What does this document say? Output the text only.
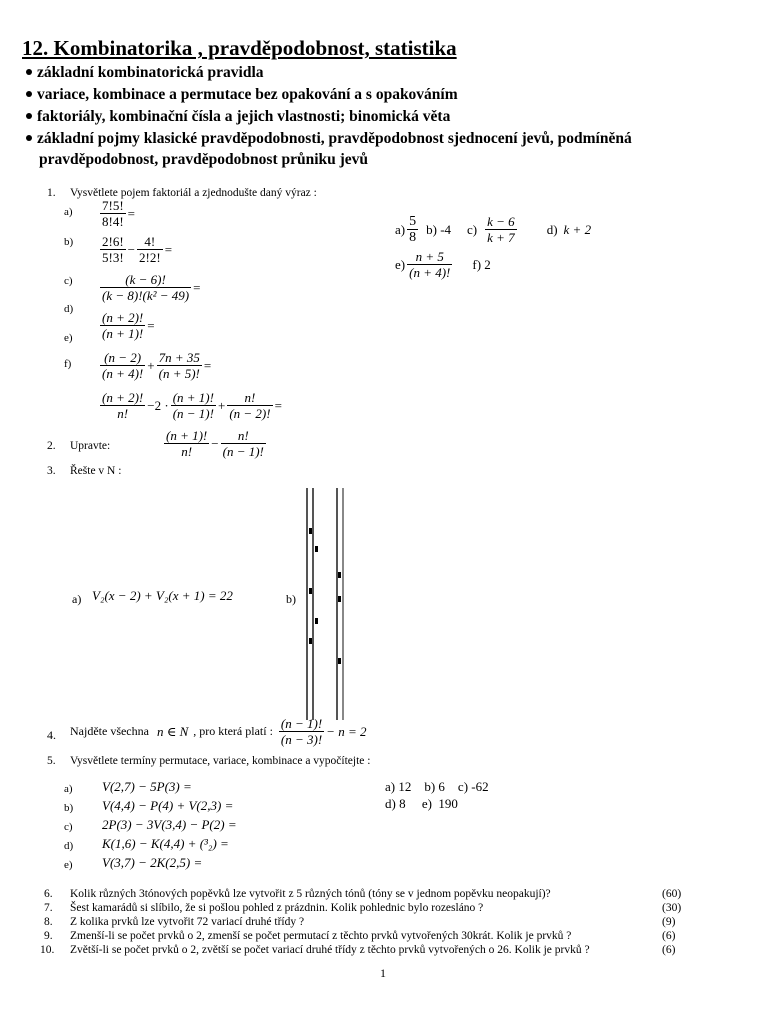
12. Kombinatorika , pravděpodobnost, statistika
základní kombinatorická pravidla
variace, kombinace a permutace bez opakování a s opakováním
faktoriály, kombinační čísla a jejich vlastnosti; binomická věta
základní pojmy klasické pravděpodobnosti, pravděpodobnost sjednocení jevů, podmíněná
pravděpodobnost, pravděpodobnost průniku jevů
1. Vysvětlete pojem faktoriál a zjednodušte daný výraz :
$a) \frac{7!5!}{8!4!}$ =
$b) \frac{2!6!}{5!3!} - \frac{4!}{2!2!}$ =
$c) \frac{(k - 6)!}{\text{(k − 8)!(k² − 49)}}$ =
d)
$e) \frac{(n + 2)!}{(n + 1)!}$ =
$f) \frac{(n - 2)}{(n + 4)!} + \frac{7n + 35}{(n + 5)!}$ =
$\frac{(n + 2)!}{n!} - 2 \cdot \frac{(n + 1)!}{(n - 1)!} + \frac{n!}{(n - 2)!}$ =
$a) \frac{5}{8} b$) -4 $c) \frac{k - 6}{k + 7} d$) k + 2
$e) \frac{n + 5}{(n + 4)!} f$) 2
2. Upravte:	$\frac{(n + 1)!}{n!} - \frac{n!}{(n - 1)!}$
3. Řešte v N :
a) V₂(x − 2) + V₂(x + 1) = 22	b)
4. Najděte všechna n ∈ N , pro která platí : $\frac{(n - 1)!}{(n - 3)!} - n = 2$
5. Vysvětlete termíny permutace, variace, kombinace a vypočítejte :
a) V(2,7) − 5P(3) =
b) V(4,4) − P(4) + V(2,3) =
c) 2P(3) − 3V(3,4) − P(2) =
d) K(1,6) − K(4,4) + (³₂) =
e) V(3,7) − 2K(2,5) =
a) 12    b) 6    c) -62
d) 8     e)  190
6. Kolik různých 3tónových popěvků lze vytvořit z 5 různých tónů (tóny se v jednom popěvku neopakují)?	(60)
7. Šest kamarádů si slíbilo, že si pošlou pohled z prázdnin. Kolik pohlednic bylo rozesláno ?	(30)
8. Z kolika prvků lze vytvořit 72 variací druhé třídy ?	(9)
9. Zmenší-li se počet prvků o 2, zmenší se počet permutací z těchto prvků vytvořených 30krát. Kolik je prvků ?	(6)
10. Zvětší-li se počet prvků o 2, zvětší se počet variací druhé třídy z těchto prvků vytvořených o 26. Kolik je prvků ?	(6)
1
